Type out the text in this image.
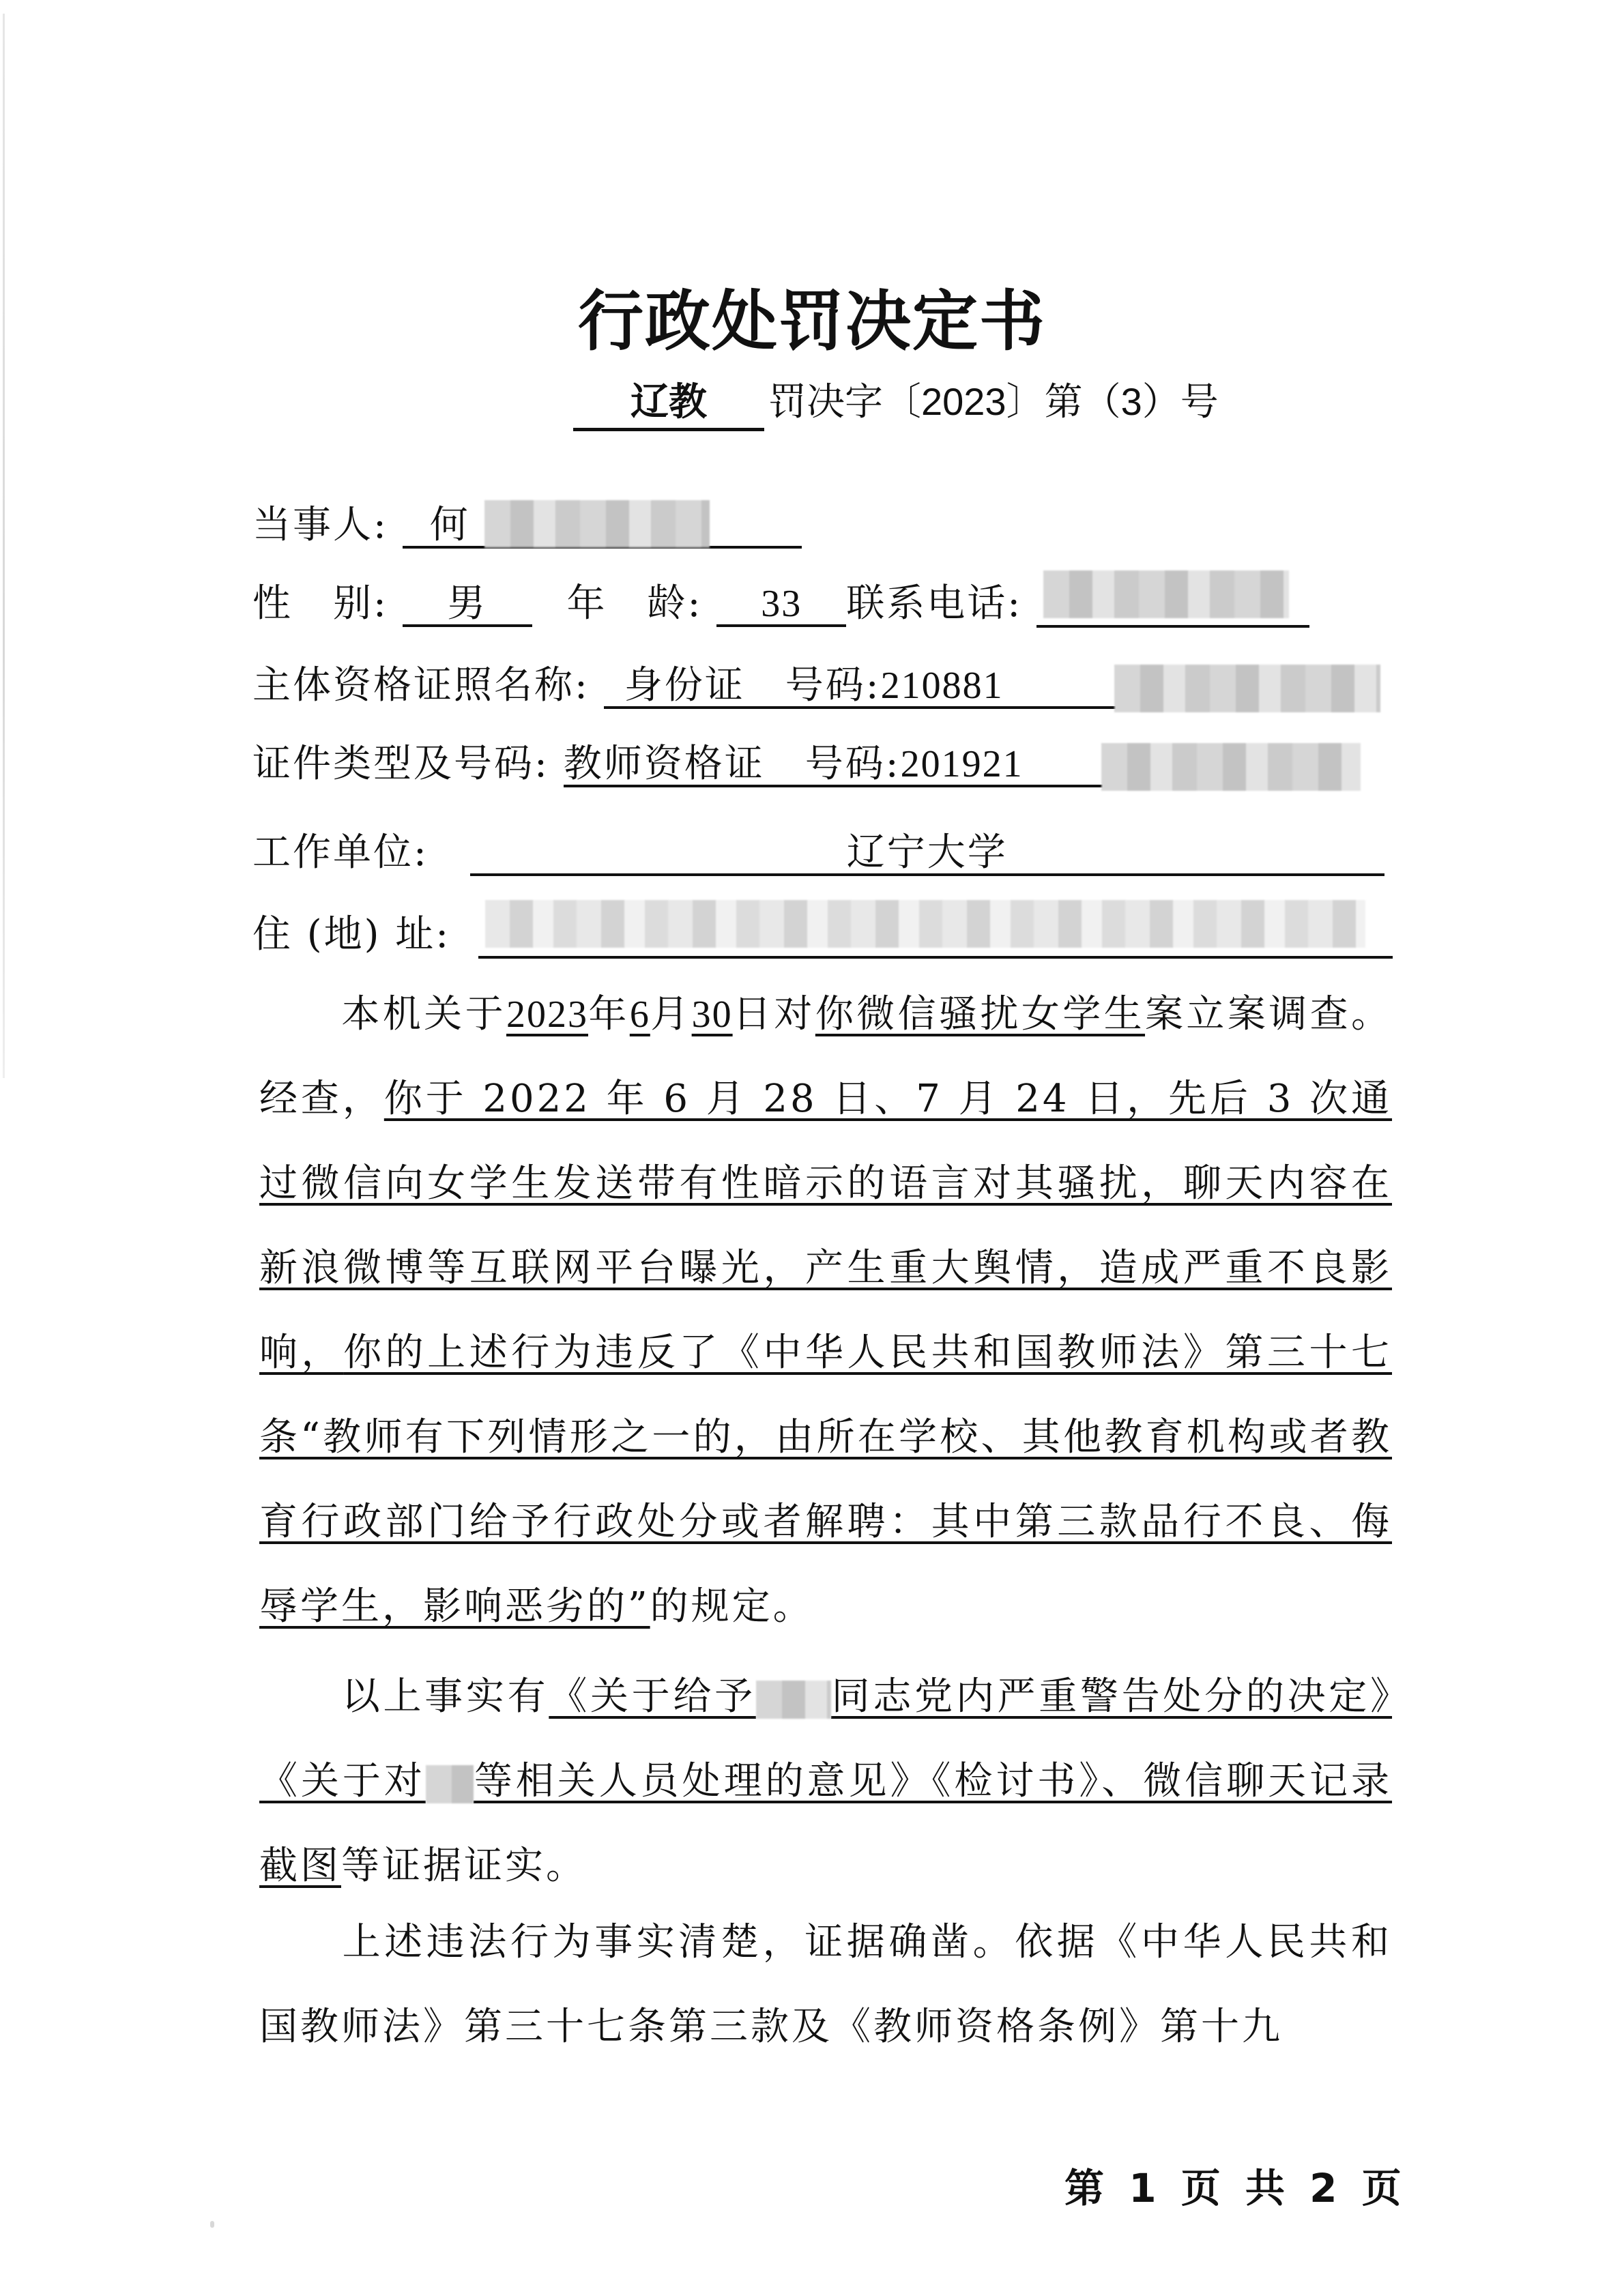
行政处罚决定书
辽教 罚决字〔2023〕第（3）号
当事人: 何
性　别: 男 年　龄: 33 联系电话:
主体资格证照名称: 身份证　 号码:210881
证件类型及号码: 教师资格证　 号码:201921
工作单位:	辽宁大学
住 (地) 址:
本机关于2023年6月30日对你微信骚扰女学生案立案调查。经查，你于 2022 年 6 月 28 日、7 月 24 日，先后 3 次通过微信向女学生发送带有性暗示的语言对其骚扰，聊天内容在新浪微博等互联网平台曝光，产生重大舆情，造成严重不良影响，你的上述行为违反了《中华人民共和国教师法》第三十七条“教师有下列情形之一的，由所在学校、其他教育机构或者教育行政部门给予行政处分或者解聘：其中第三款品行不良、侮辱学生，影响恶劣的”的规定。
以上事实有《关于给予 同志党内严重警告处分的决定》《关于对 等相关人员处理的意见》《检讨书》、微信聊天记录截图等证据证实。
上述违法行为事实清楚，证据确凿。依据《中华人民共和国教师法》第三十七条第三款及《教师资格条例》第十九
第 1 页 共 2 页
